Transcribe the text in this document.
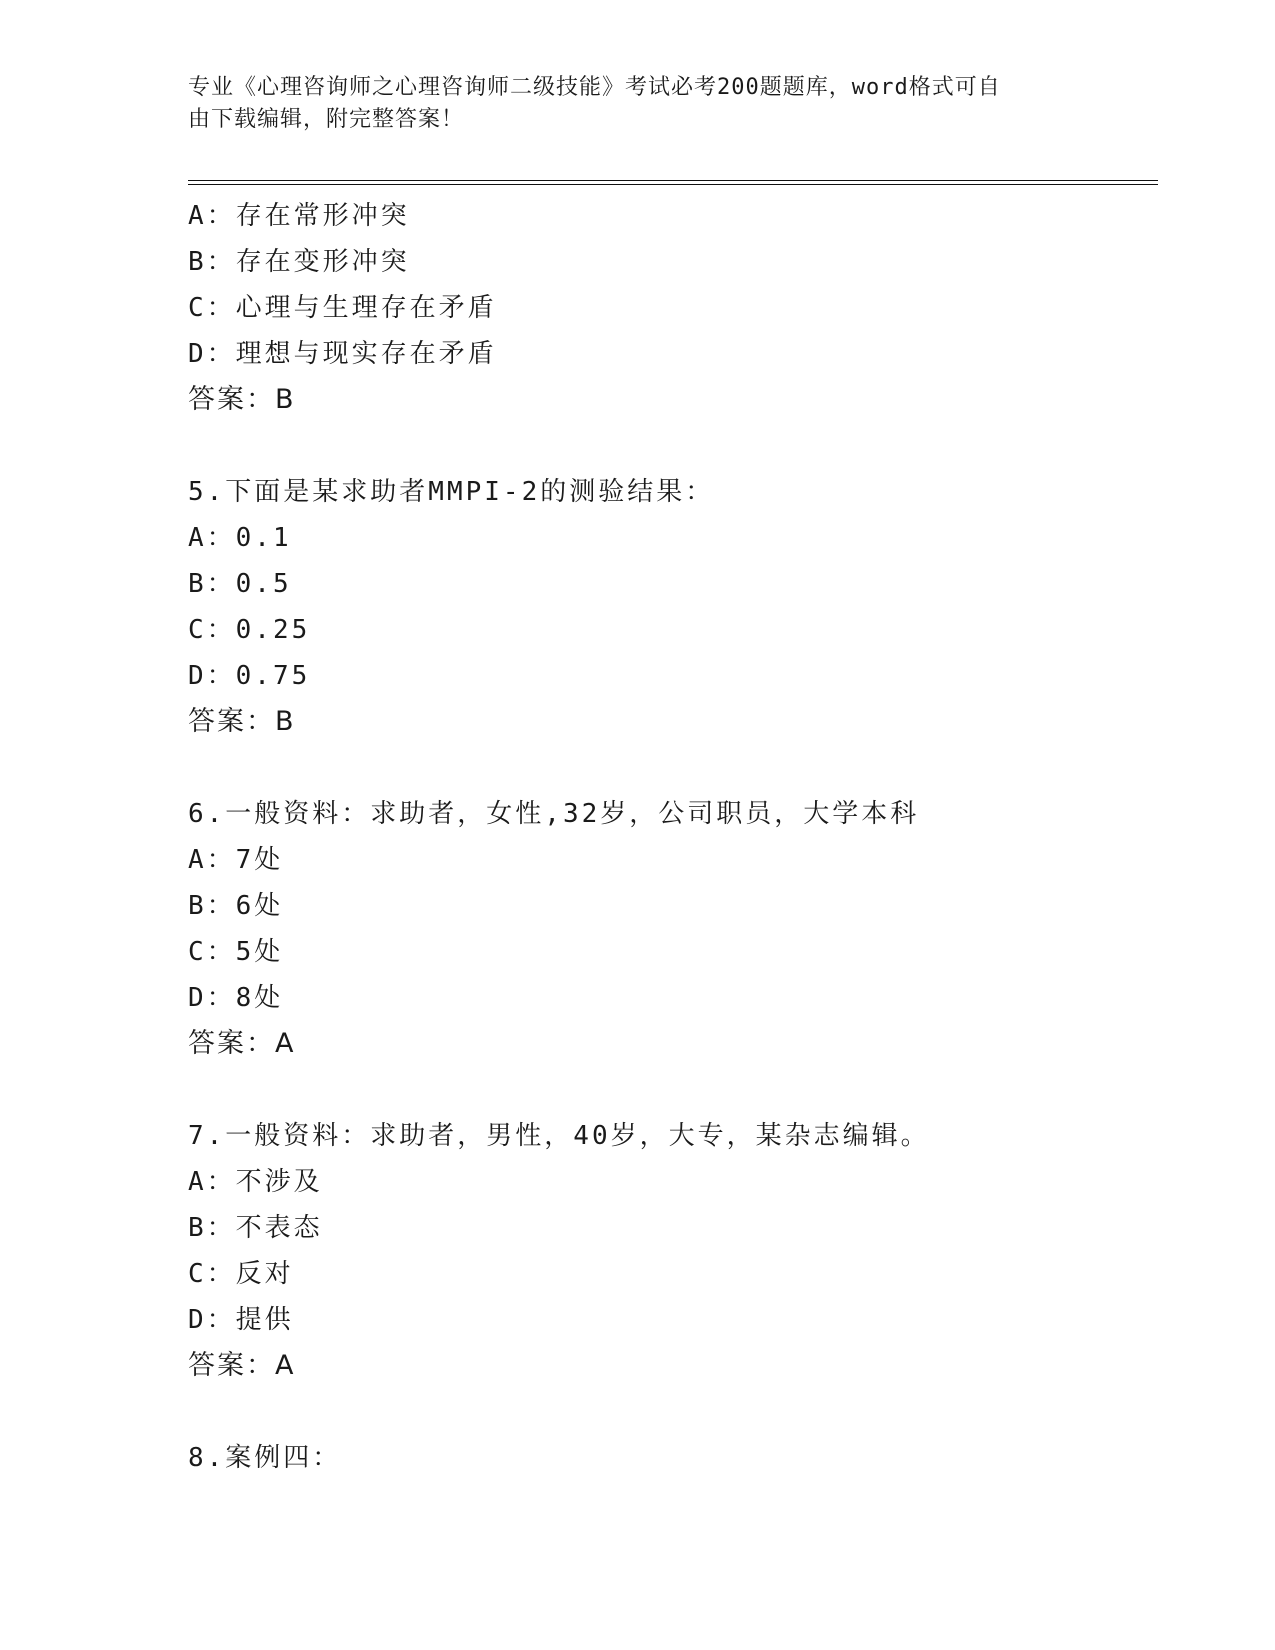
专业《心理咨询师之心理咨询师二级技能》考试必考200题题库，word格式可自
由下载编辑，附完整答案！
A：存在常形冲突
B：存在变形冲突
C：心理与生理存在矛盾
D：理想与现实存在矛盾
答案：B
5.下面是某求助者MMPI-2的测验结果：
A：0.1
B：0.5
C：0.25
D：0.75
答案：B
6.一般资料：求助者，女性,32岁，公司职员，大学本科
A：7处
B：6处
C：5处
D：8处
答案：A
7.一般资料：求助者，男性，40岁，大专，某杂志编辑。
A：不涉及
B：不表态
C：反对
D：提供
答案：A
8.案例四：
